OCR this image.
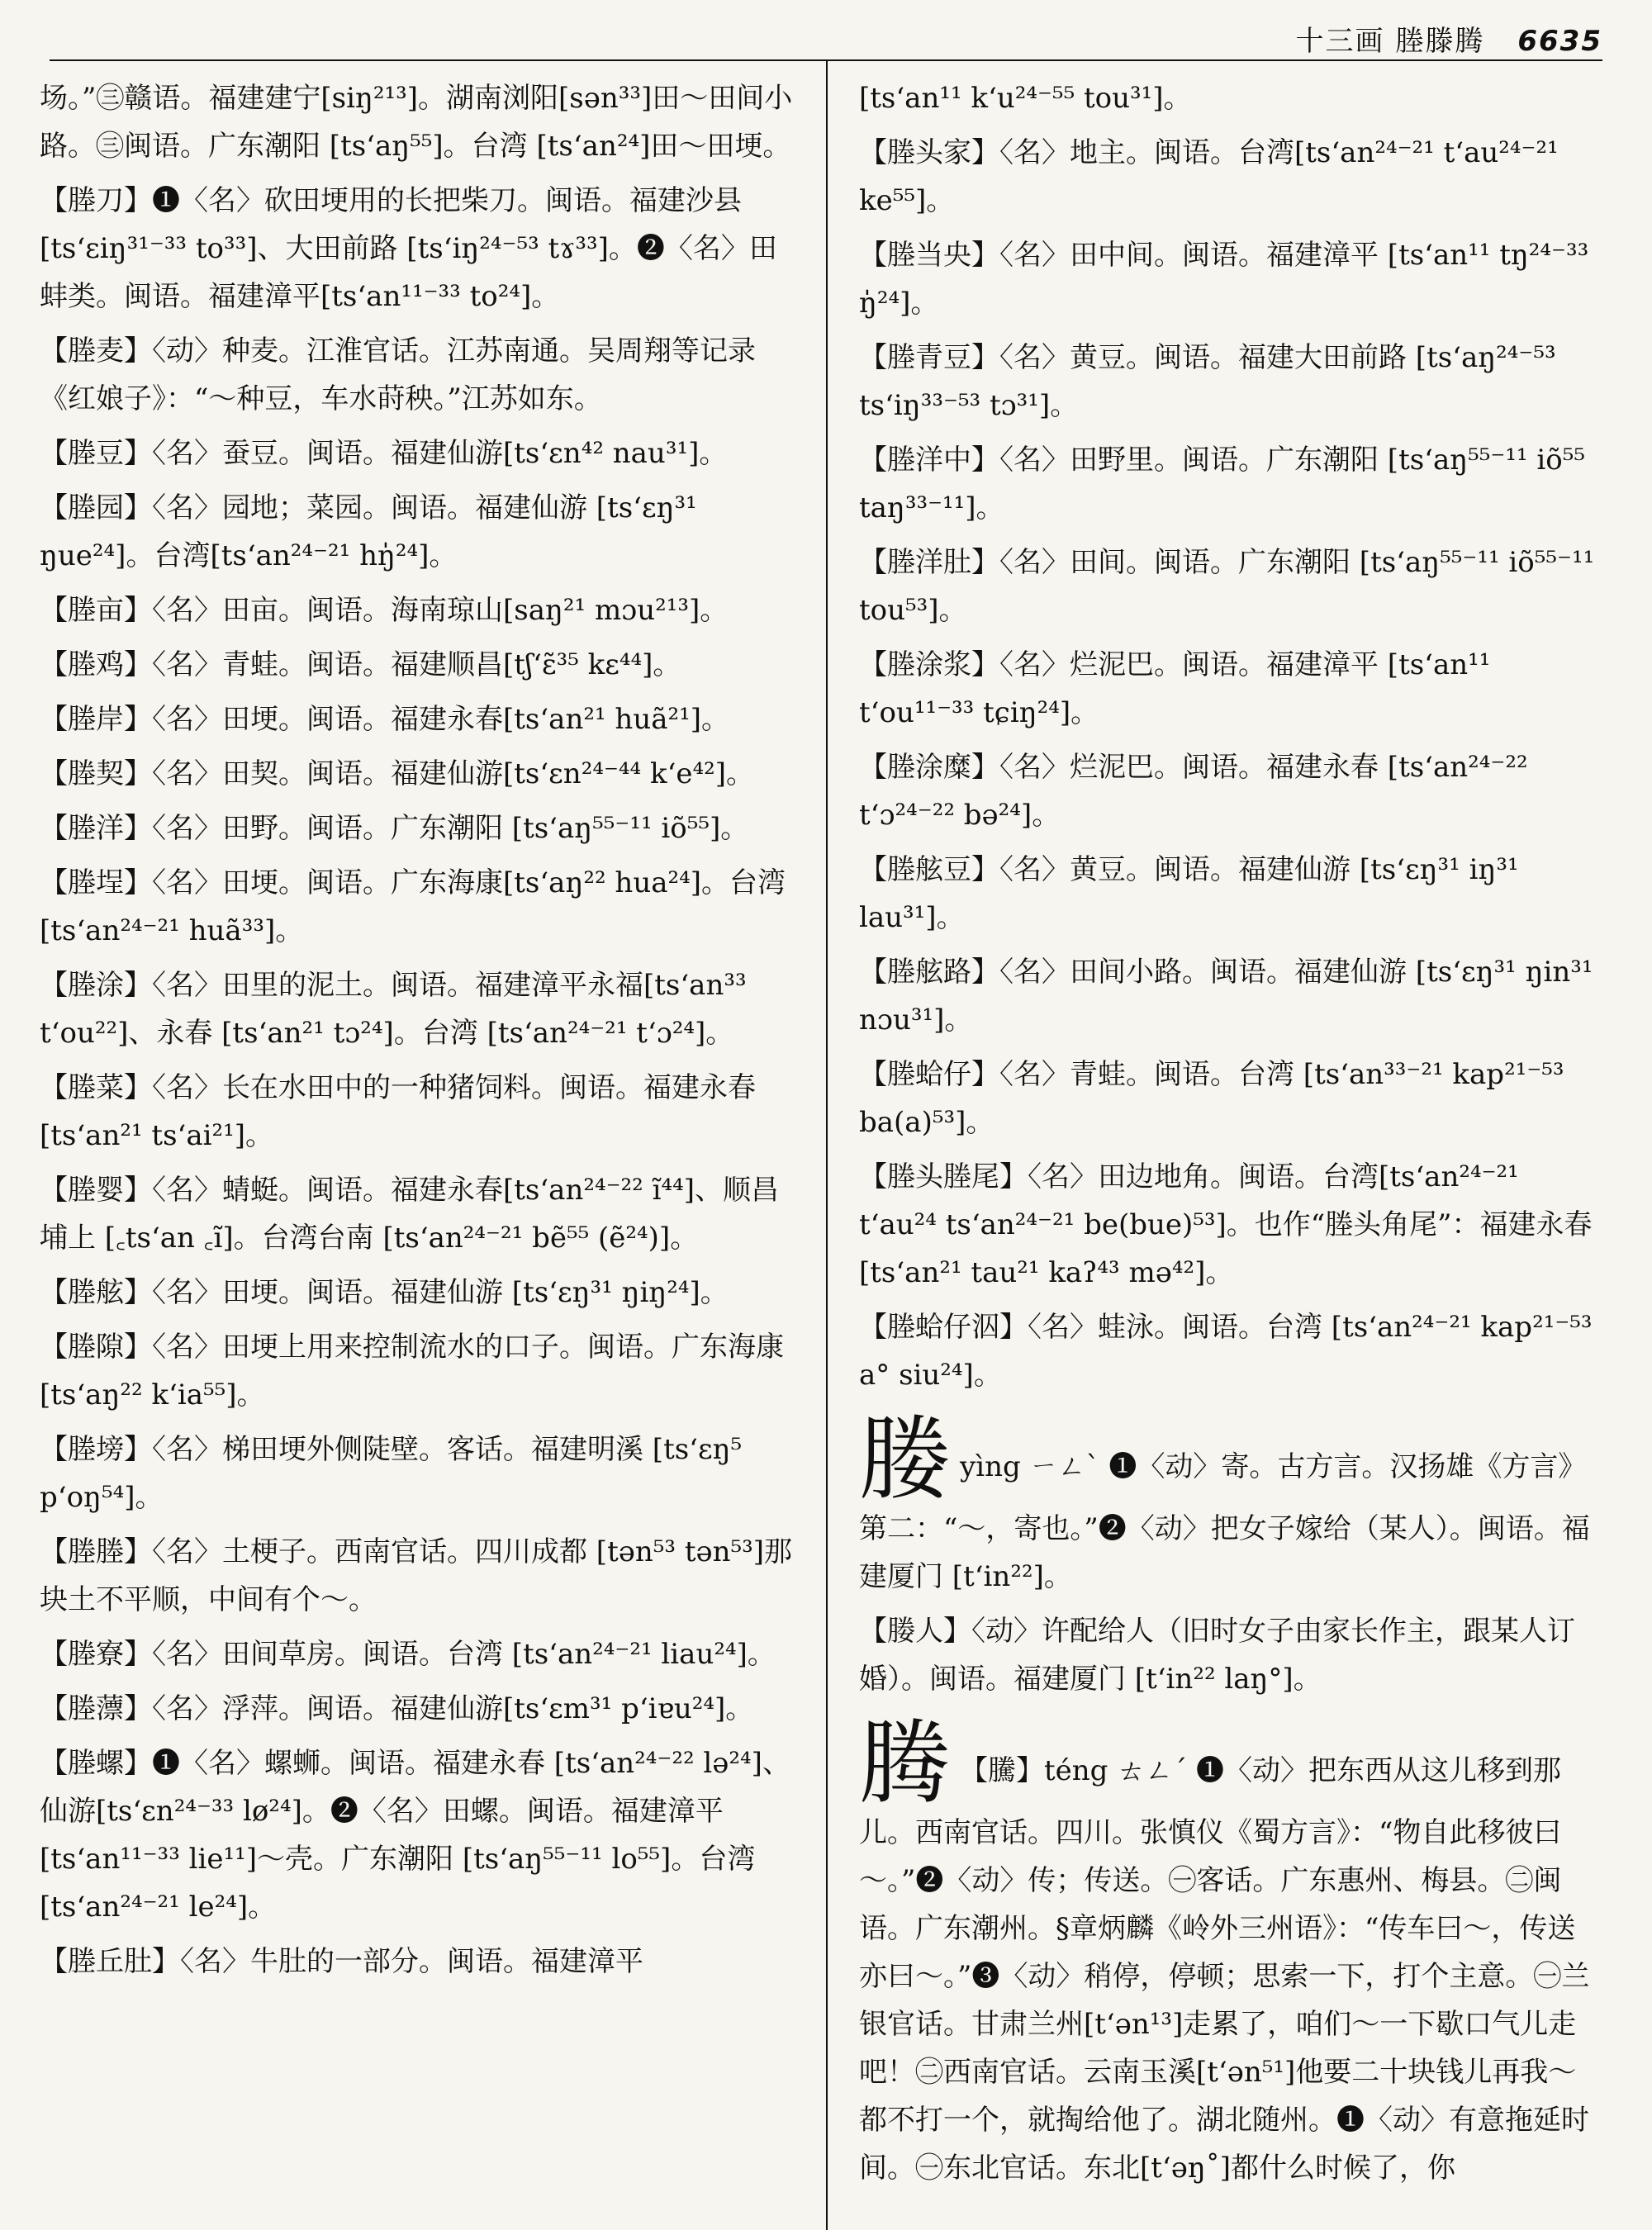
十三画 塍滕腾 6635
场。”㊂赣语。福建建宁[siŋ²¹³]。湖南浏阳[sən³³]田～田间小路。㊂闽语。广东潮阳 [ts‘aŋ⁵⁵]。台湾 [ts‘an²⁴]田～田埂。
【塍刀】❶〈名〉砍田埂用的长把柴刀。闽语。福建沙县[ts‘ɛiŋ³¹⁻³³ to³³]、大田前路 [ts‘iŋ²⁴⁻⁵³ tɤ³³]。❷〈名〉田蚌类。闽语。福建漳平[ts‘an¹¹⁻³³ to²⁴]。
【塍麦】〈动〉种麦。江淮官话。江苏南通。吴周翔等记录《红娘子》：“～种豆，车水莳秧。”江苏如东。
【塍豆】〈名〉蚕豆。闽语。福建仙游[ts‘ɛn⁴² nau³¹]。
【塍园】〈名〉园地；菜园。闽语。福建仙游 [ts‘ɛŋ³¹ ŋue²⁴]。台湾[ts‘an²⁴⁻²¹ hŋ̍²⁴]。
【塍亩】〈名〉田亩。闽语。海南琼山[saŋ²¹ mɔu²¹³]。
【塍鸡】〈名〉青蛙。闽语。福建顺昌[tʃ‘ɛ̃³⁵ kɛ⁴⁴]。
【塍岸】〈名〉田埂。闽语。福建永春[ts‘an²¹ huã²¹]。
【塍契】〈名〉田契。闽语。福建仙游[ts‘ɛn²⁴⁻⁴⁴ k‘e⁴²]。
【塍洋】〈名〉田野。闽语。广东潮阳 [ts‘aŋ⁵⁵⁻¹¹ iõ⁵⁵]。
【塍埕】〈名〉田埂。闽语。广东海康[ts‘aŋ²² hua²⁴]。台湾[ts‘an²⁴⁻²¹ huã³³]。
【塍涂】〈名〉田里的泥土。闽语。福建漳平永福[ts‘an³³ t‘ou²²]、永春 [ts‘an²¹ tɔ²⁴]。台湾 [ts‘an²⁴⁻²¹ t‘ɔ²⁴]。
【塍菜】〈名〉长在水田中的一种猪饲料。闽语。福建永春[ts‘an²¹ ts‘ai²¹]。
【塍婴】〈名〉蜻蜓。闽语。福建永春[ts‘an²⁴⁻²² ĩ⁴⁴]、顺昌埔上 [꜀ts‘an ꜀ĩ]。台湾台南 [ts‘an²⁴⁻²¹ bẽ⁵⁵ (ẽ²⁴)]。
【塍舷】〈名〉田埂。闽语。福建仙游 [ts‘ɛŋ³¹ ŋiŋ²⁴]。
【塍隙】〈名〉田埂上用来控制流水的口子。闽语。广东海康[ts‘aŋ²² k‘ia⁵⁵]。
【塍塝】〈名〉梯田埂外侧陡壁。客话。福建明溪 [ts‘ɛŋ⁵ p‘oŋ⁵⁴]。
【塍塍】〈名〉土梗子。西南官话。四川成都 [tən⁵³ tən⁵³]那块土不平顺，中间有个～。
【塍寮】〈名〉田间草房。闽语。台湾 [ts‘an²⁴⁻²¹ liau²⁴]。
【塍薸】〈名〉浮萍。闽语。福建仙游[ts‘ɛm³¹ p‘iɐu²⁴]。
【塍螺】❶〈名〉螺蛳。闽语。福建永春 [ts‘an²⁴⁻²² lə²⁴]、仙游[ts‘ɛn²⁴⁻³³ lø²⁴]。❷〈名〉田螺。闽语。福建漳平[ts‘an¹¹⁻³³ lie¹¹]～壳。广东潮阳 [ts‘aŋ⁵⁵⁻¹¹ lo⁵⁵]。台湾[ts‘an²⁴⁻²¹ le²⁴]。
【塍丘肚】〈名〉牛肚的一部分。闽语。福建漳平
[ts‘an¹¹ k‘u²⁴⁻⁵⁵ tou³¹]。
【塍头家】〈名〉地主。闽语。台湾[ts‘an²⁴⁻²¹ t‘au²⁴⁻²¹ ke⁵⁵]。
【塍当央】〈名〉田中间。闽语。福建漳平 [ts‘an¹¹ tŋ²⁴⁻³³ ŋ̍²⁴]。
【塍青豆】〈名〉黄豆。闽语。福建大田前路 [ts‘aŋ²⁴⁻⁵³ ts‘iŋ³³⁻⁵³ tɔ³¹]。
【塍洋中】〈名〉田野里。闽语。广东潮阳 [ts‘aŋ⁵⁵⁻¹¹ iõ⁵⁵ taŋ³³⁻¹¹]。
【塍洋肚】〈名〉田间。闽语。广东潮阳 [ts‘aŋ⁵⁵⁻¹¹ iõ⁵⁵⁻¹¹ tou⁵³]。
【塍涂浆】〈名〉烂泥巴。闽语。福建漳平 [ts‘an¹¹ t‘ou¹¹⁻³³ tɕiŋ²⁴]。
【塍涂糜】〈名〉烂泥巴。闽语。福建永春 [ts‘an²⁴⁻²² t‘ɔ²⁴⁻²² bə²⁴]。
【塍舷豆】〈名〉黄豆。闽语。福建仙游 [ts‘ɛŋ³¹ iŋ³¹ lau³¹]。
【塍舷路】〈名〉田间小路。闽语。福建仙游 [ts‘ɛŋ³¹ ŋin³¹ nɔu³¹]。
【塍蛤仔】〈名〉青蛙。闽语。台湾 [ts‘an³³⁻²¹ kap²¹⁻⁵³ ba(a)⁵³]。
【塍头塍尾】〈名〉田边地角。闽语。台湾[ts‘an²⁴⁻²¹ t‘au²⁴ ts‘an²⁴⁻²¹ be(bue)⁵³]。也作“塍头角尾”：福建永春 [ts‘an²¹ tau²¹ kaʔ⁴³ mə⁴²]。
【塍蛤仔泅】〈名〉蛙泳。闽语。台湾 [ts‘an²⁴⁻²¹ kap²¹⁻⁵³ a° siu²⁴]。
媵yìng ㄧㄥˋ ❶〈动〉寄。古方言。汉扬雄《方言》第二：“～，寄也。”❷〈动〉把女子嫁给（某人）。闽语。福建厦门 [t‘in²²]。
【媵人】〈动〉许配给人（旧时女子由家长作主，跟某人订婚）。闽语。福建厦门 [t‘in²² laŋ°]。
腾 【騰】téng ㄊㄥˊ ❶〈动〉把东西从这儿移到那儿。西南官话。四川。张慎仪《蜀方言》：“物自此移彼曰～。”❷〈动〉传；传送。㊀客话。广东惠州、梅县。㊁闽语。广东潮州。§章炳麟《岭外三州语》：“传车曰～，传送亦曰～。”❸〈动〉稍停，停顿；思索一下，打个主意。㊀兰银官话。甘肃兰州[t‘ən¹³]走累了，咱们～一下歇口气儿走吧！㊁西南官话。云南玉溪[t‘ən⁵¹]他要二十块钱儿再我～都不打一个，就掏给他了。湖北随州。❶〈动〉有意拖延时间。㊀东北官话。东北[t‘əŋ˚]都什么时候了，你
